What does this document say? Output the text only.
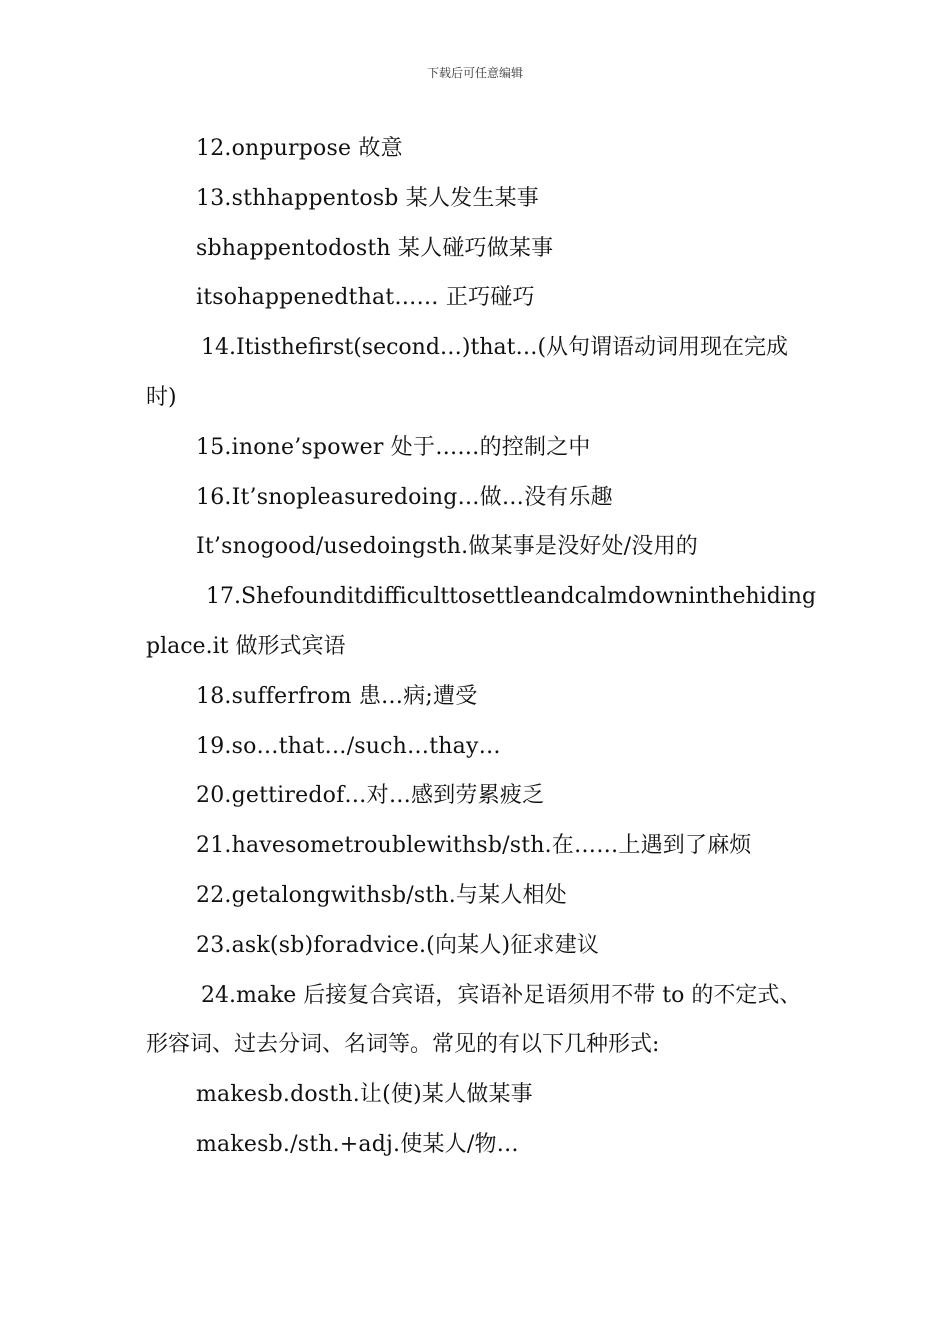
下载后可任意编辑
12.onpurpose 故意
13.sthhappentosb 某人发生某事
sbhappentodosth 某人碰巧做某事
itsohappenedthat…… 正巧碰巧
14.Itisthefirst(second…)that…(从句谓语动词用现在完成时)
15.inone’spower 处于……的控制之中
16.It’snopleasuredoing…做…没有乐趣
It’snogood/usedoingsth.做某事是没好处/没用的
17.Shefounditdifficulttosettleandcalmdowninthehidingplace.it 做形式宾语
18.sufferfrom 患…病;遭受
19.so…that…/such…thay…
20.gettiredof…对…感到劳累疲乏
21.havesometroublewithsb/sth.在……上遇到了麻烦
22.getalongwithsb/sth.与某人相处
23.ask(sb)foradvice.(向某人)征求建议
24.make 后接复合宾语，宾语补足语须用不带 to 的不定式、形容词、过去分词、名词等。常见的有以下几种形式:
makesb.dosth.让(使)某人做某事
makesb./sth.+adj.使某人/物…
